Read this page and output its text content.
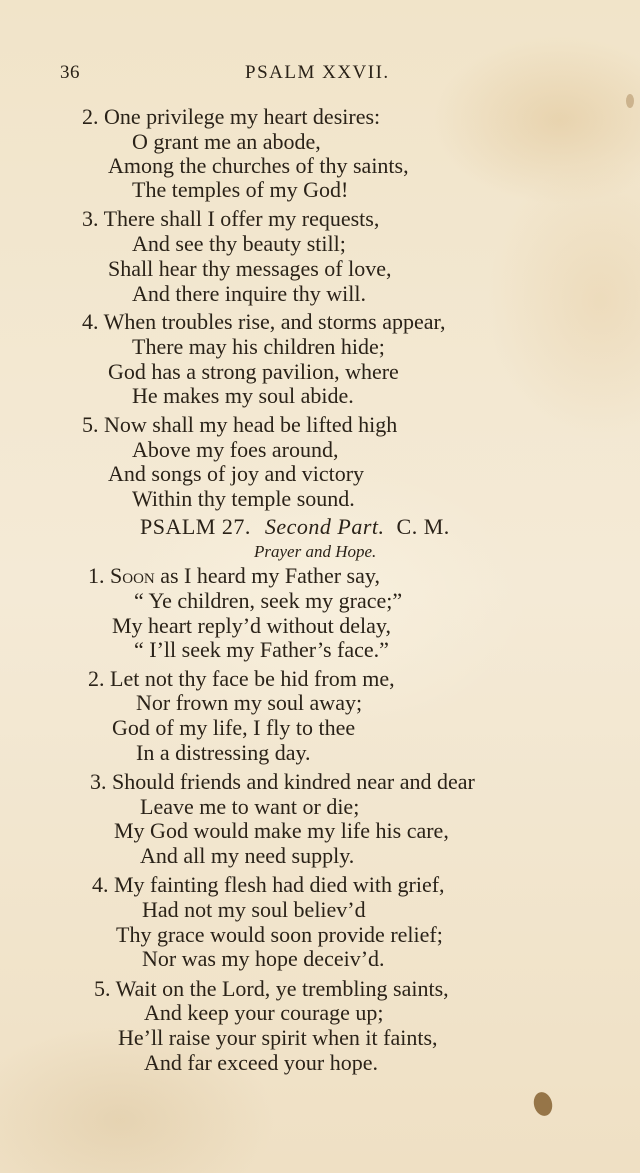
36	PSALM XXVII.
2. One privilege my heart desires:
O grant me an abode,
Among the churches of thy saints,
The temples of my God!
3. There shall I offer my requests,
And see thy beauty still;
Shall hear thy messages of love,
And there inquire thy will.
4. When troubles rise, and storms appear,
There may his children hide;
God has a strong pavilion, where
He makes my soul abide.
5. Now shall my head be lifted high
Above my foes around,
And songs of joy and victory
Within thy temple sound.
PSALM 27. Second Part. C. M.
Prayer and Hope.
1. Soon as I heard my Father say,
“ Ye children, seek my grace;”
My heart reply’d without delay,
“ I’ll seek my Father’s face.”
2. Let not thy face be hid from me,
Nor frown my soul away;
God of my life, I fly to thee
In a distressing day.
3. Should friends and kindred near and dear
Leave me to want or die;
My God would make my life his care,
And all my need supply.
4. My fainting flesh had died with grief,
Had not my soul believ’d
Thy grace would soon provide relief;
Nor was my hope deceiv’d.
5. Wait on the Lord, ye trembling saints,
And keep your courage up;
He’ll raise your spirit when it faints,
And far exceed your hope.
